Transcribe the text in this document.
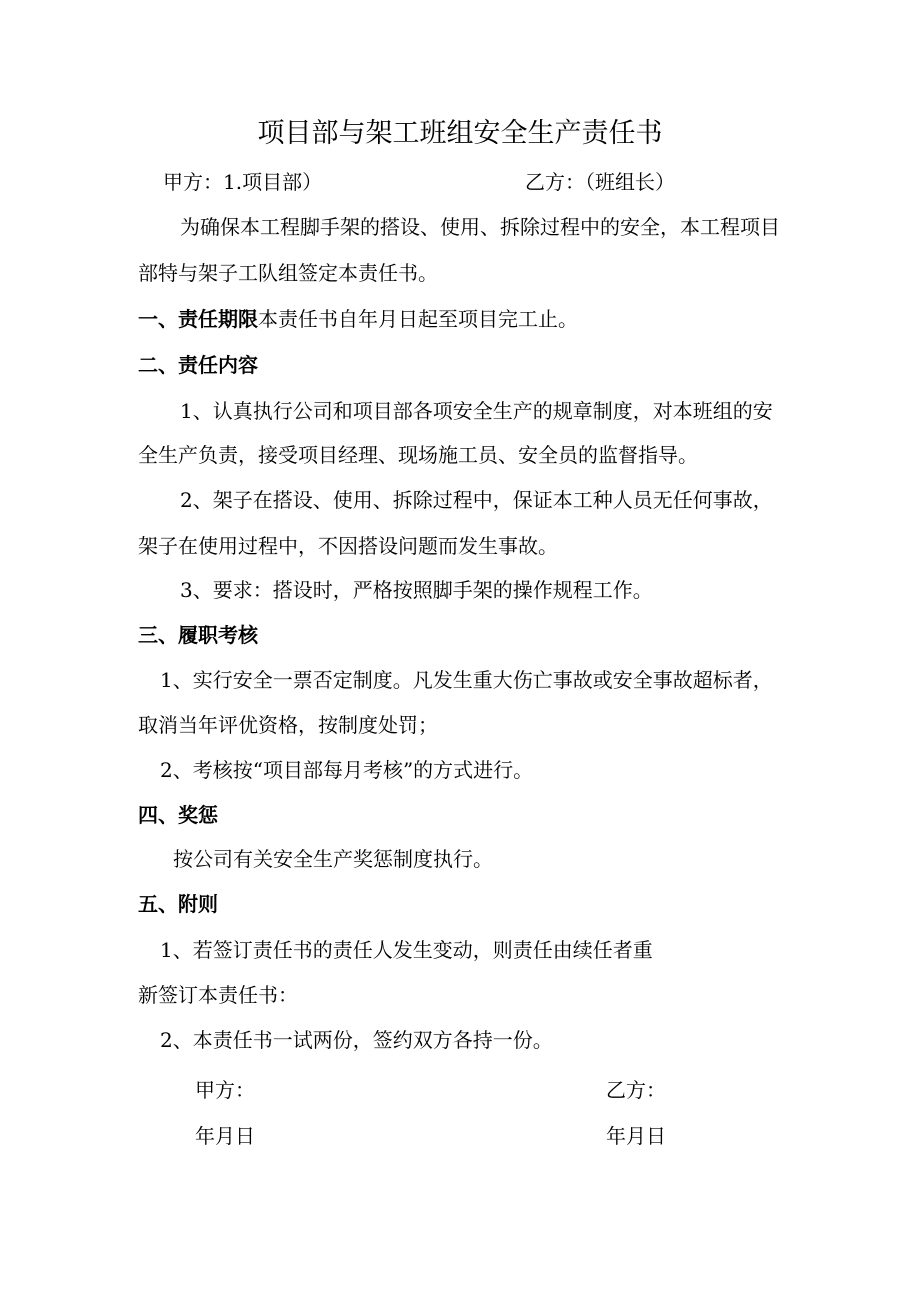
项目部与架工班组安全生产责任书
甲方：1.项目部）	乙方：（班组长）
为确保本工程脚手架的搭设、使用、拆除过程中的安全，本工程项目
部特与架子工队组签定本责任书。
一、责任期限本责任书自年月日起至项目完工止。
二、责任内容
1、认真执行公司和项目部各项安全生产的规章制度，对本班组的安
全生产负责，接受项目经理、现场施工员、安全员的监督指导。
2、架子在搭设、使用、拆除过程中，保证本工种人员无任何事故，
架子在使用过程中，不因搭设问题而发生事故。
3、要求：搭设时，严格按照脚手架的操作规程工作。
三、履职考核
1、实行安全一票否定制度。凡发生重大伤亡事故或安全事故超标者，
取消当年评优资格，按制度处罚；
2、考核按“项目部每月考核”的方式进行。
四、奖惩
按公司有关安全生产奖惩制度执行。
五、附则
1、若签订责任书的责任人发生变动，则责任由续任者重
新签订本责任书：
2、本责任书一试两份，签约双方各持一份。
甲方：	乙方：
年月日	年月日
